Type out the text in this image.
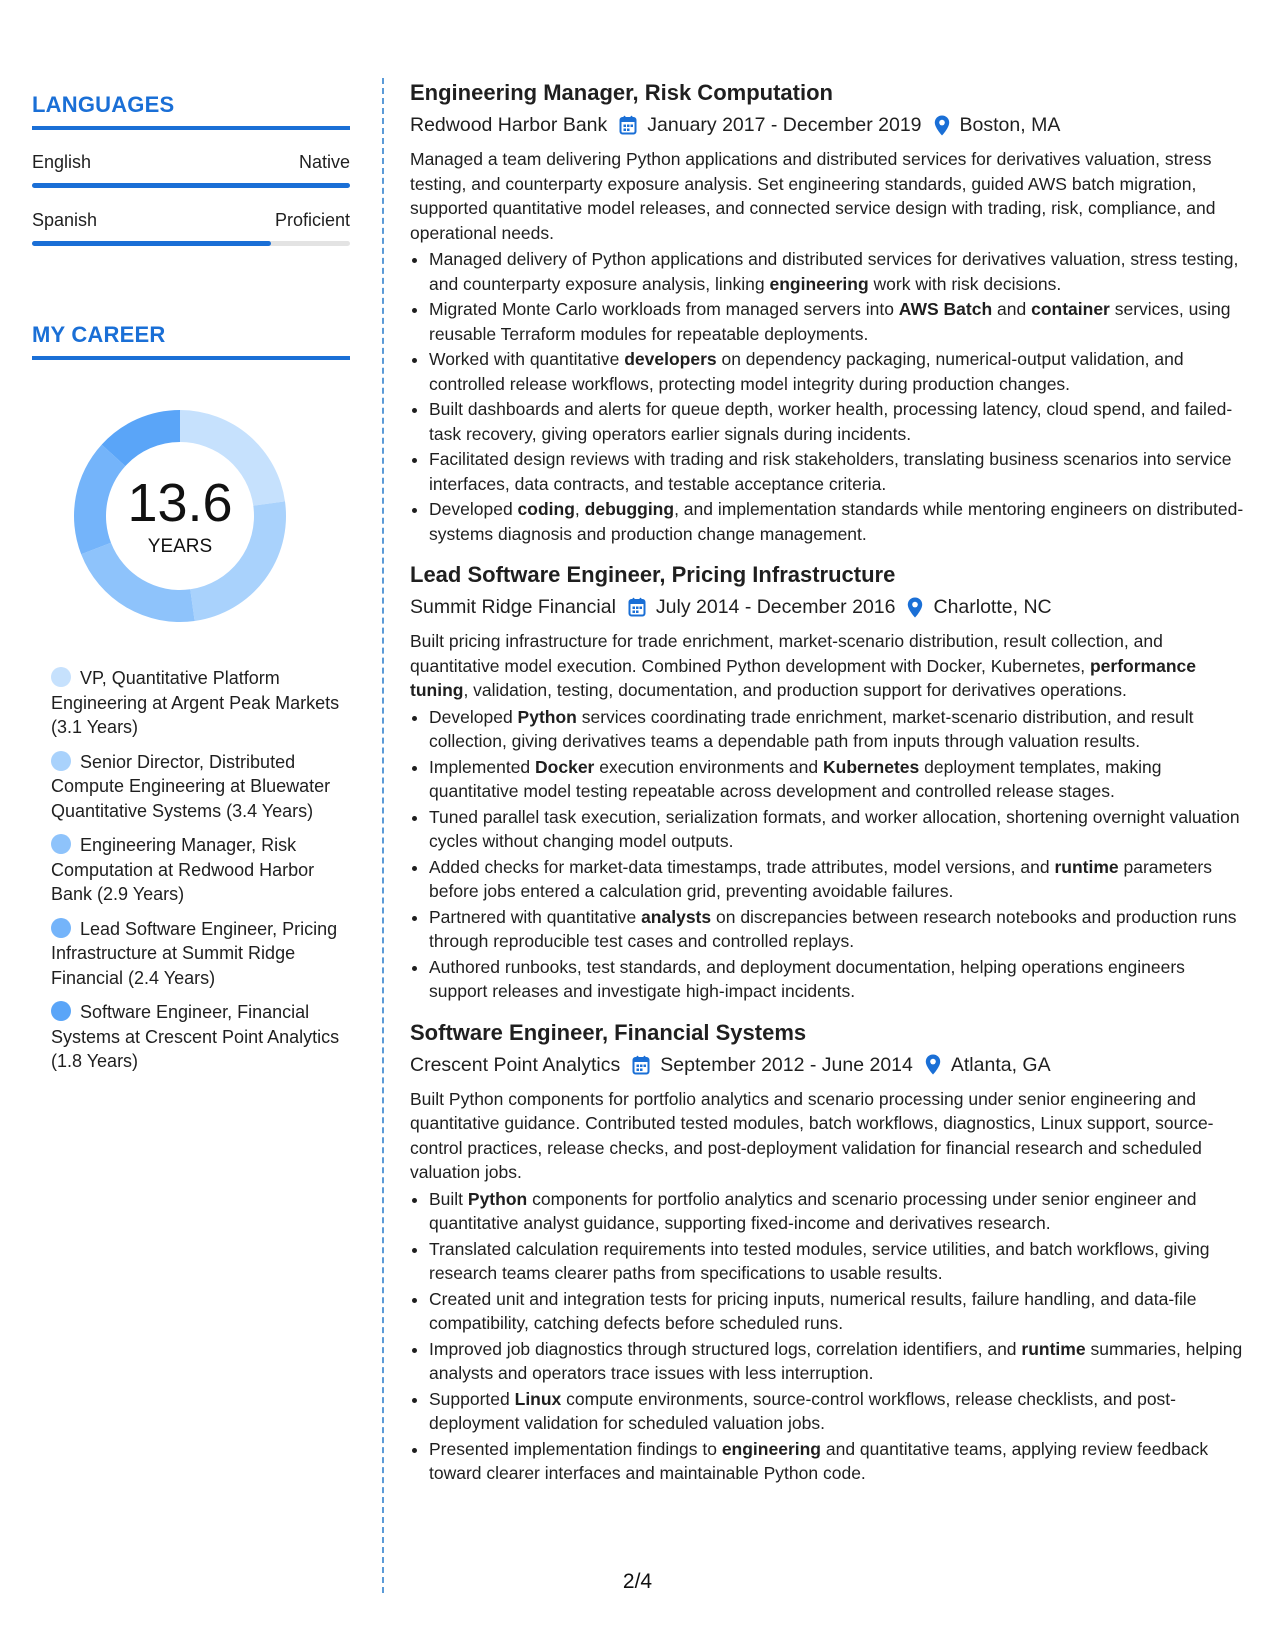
LANGUAGES
English	Native
Spanish	Proficient
MY CAREER
13.6
YEARS
VP, Quantitative Platform Engineering at Argent Peak Markets (3.1 Years)
Senior Director, Distributed Compute Engineering at Bluewater Quantitative Systems (3.4 Years)
Engineering Manager, Risk Computation at Redwood Harbor Bank (2.9 Years)
Lead Software Engineer, Pricing Infrastructure at Summit Ridge Financial (2.4 Years)
Software Engineer, Financial Systems at Crescent Point Analytics (1.8 Years)
Engineering Manager, Risk Computation
Redwood Harbor Bank January 2017 - December 2019 Boston, MA

Managed a team delivering Python applications and distributed services for derivatives valuation, stress testing, and counterparty exposure analysis. Set engineering standards, guided AWS batch migration, supported quantitative model releases, and connected service design with trading, risk, compliance, and operational needs.

• Managed delivery of Python applications and distributed services for derivatives valuation, stress testing, and counterparty exposure analysis, linking engineering work with risk decisions.
• Migrated Monte Carlo workloads from managed servers into AWS Batch and container services, using reusable Terraform modules for repeatable deployments.
• Worked with quantitative developers on dependency packaging, numerical-output validation, and controlled release workflows, protecting model integrity during production changes.
• Built dashboards and alerts for queue depth, worker health, processing latency, cloud spend, and failed-task recovery, giving operators earlier signals during incidents.
• Facilitated design reviews with trading and risk stakeholders, translating business scenarios into service interfaces, data contracts, and testable acceptance criteria.
• Developed coding, debugging, and implementation standards while mentoring engineers on distributed-systems diagnosis and production change management.
Lead Software Engineer, Pricing Infrastructure
Summit Ridge Financial July 2014 - December 2016 Charlotte, NC

Built pricing infrastructure for trade enrichment, market-scenario distribution, result collection, and quantitative model execution. Combined Python development with Docker, Kubernetes, performance tuning, validation, testing, documentation, and production support for derivatives operations.

• Developed Python services coordinating trade enrichment, market-scenario distribution, and result collection, giving derivatives teams a dependable path from inputs through valuation results.
• Implemented Docker execution environments and Kubernetes deployment templates, making quantitative model testing repeatable across development and controlled release stages.
• Tuned parallel task execution, serialization formats, and worker allocation, shortening overnight valuation cycles without changing model outputs.
• Added checks for market-data timestamps, trade attributes, model versions, and runtime parameters before jobs entered a calculation grid, preventing avoidable failures.
• Partnered with quantitative analysts on discrepancies between research notebooks and production runs through reproducible test cases and controlled replays.
• Authored runbooks, test standards, and deployment documentation, helping operations engineers support releases and investigate high-impact incidents.
Software Engineer, Financial Systems
Crescent Point Analytics September 2012 - June 2014 Atlanta, GA

Built Python components for portfolio analytics and scenario processing under senior engineering and quantitative guidance. Contributed tested modules, batch workflows, diagnostics, Linux support, source-control practices, release checks, and post-deployment validation for financial research and scheduled valuation jobs.

• Built Python components for portfolio analytics and scenario processing under senior engineer and quantitative analyst guidance, supporting fixed-income and derivatives research.
• Translated calculation requirements into tested modules, service utilities, and batch workflows, giving research teams clearer paths from specifications to usable results.
• Created unit and integration tests for pricing inputs, numerical results, failure handling, and data-file compatibility, catching defects before scheduled runs.
• Improved job diagnostics through structured logs, correlation identifiers, and runtime summaries, helping analysts and operators trace issues with less interruption.
• Supported Linux compute environments, source-control workflows, release checklists, and post-deployment validation for scheduled valuation jobs.
• Presented implementation findings to engineering and quantitative teams, applying review feedback toward clearer interfaces and maintainable Python code.
2/4
